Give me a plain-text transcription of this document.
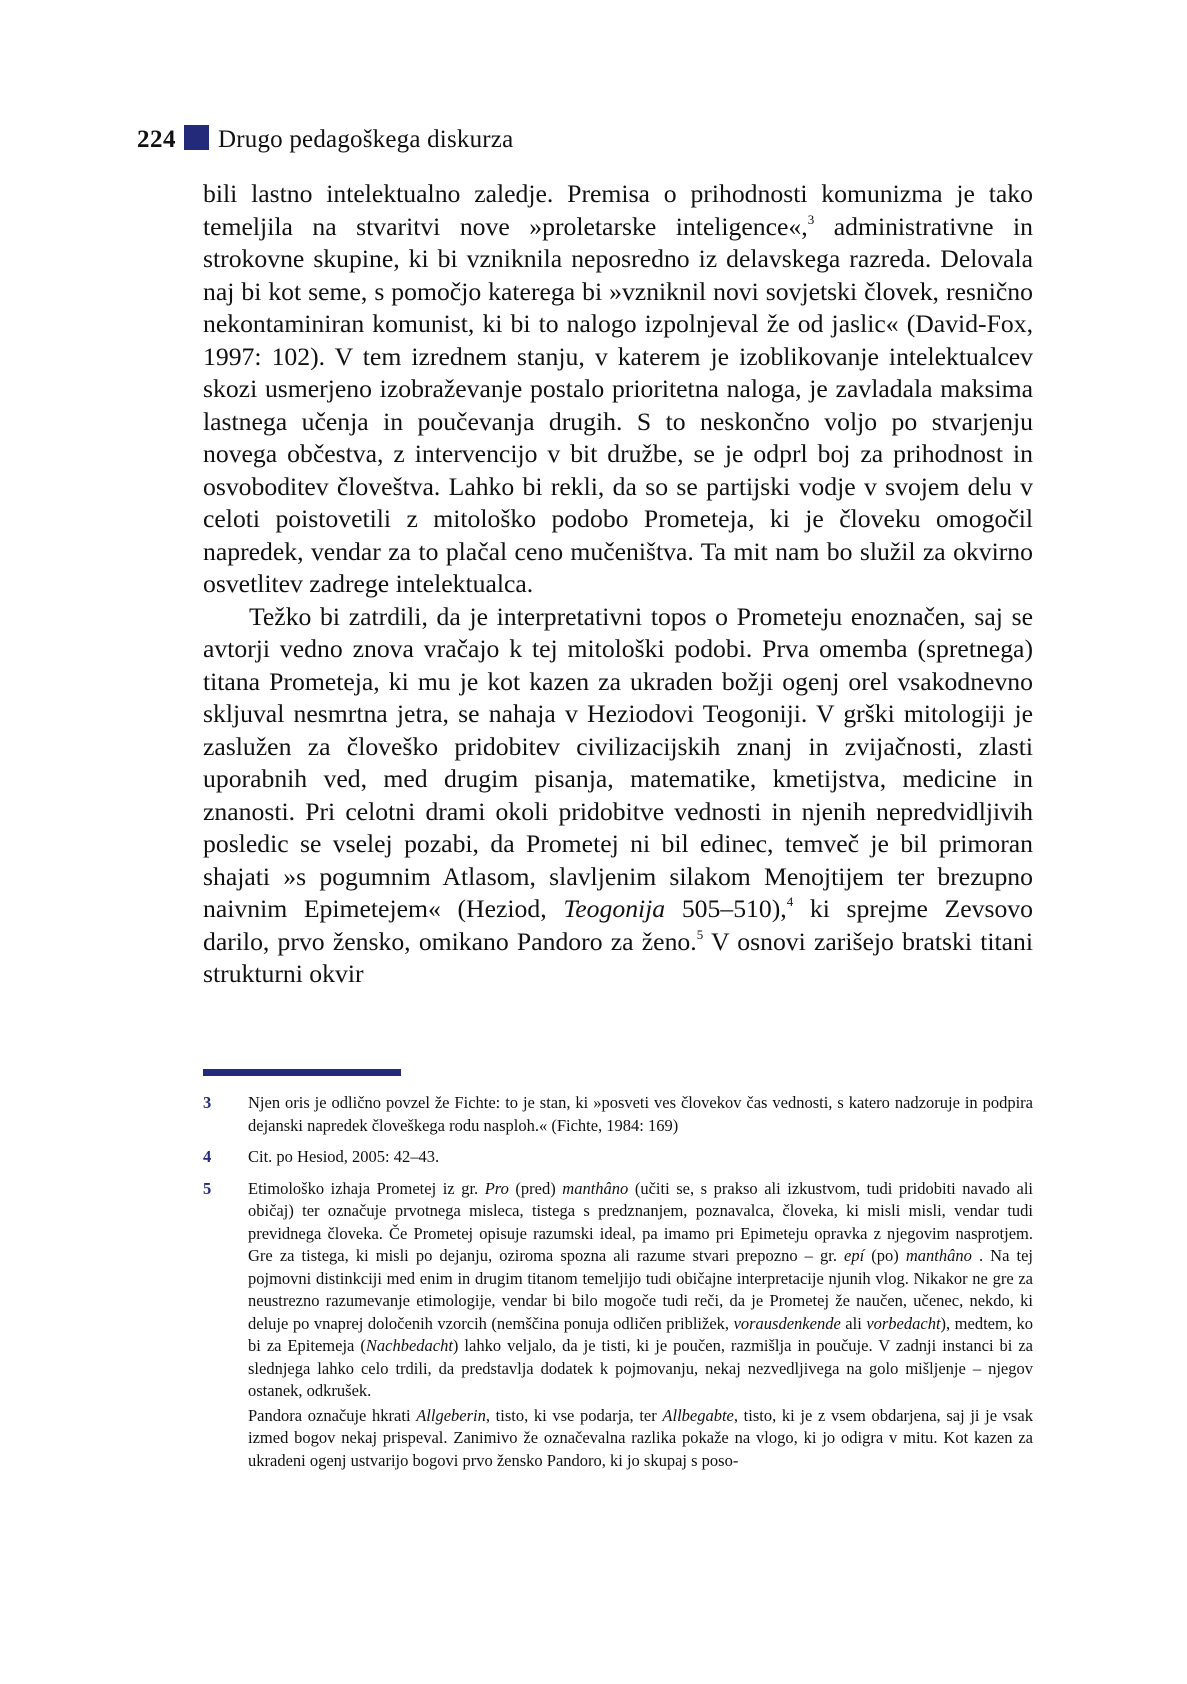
224 Drugo pedagoškega diskurza

bili lastno intelektualno zaledje. Premisa o prihodnosti komunizma je tako temeljila na stvaritvi nove »proletarske inteligence«,$^3$ administrativne in strokovne skupine, ki bi vzniknila neposredno iz delavskega razreda. Delovala naj bi kot seme, s pomočjo katerega bi »vzniknil novi sovjetski človek, resnično nekontaminiran komunist, ki bi to nalogo izpolnjeval že od jaslic« (David-Fox, 1997: 102). V tem izrednem stanju, v katerem je izoblikovanje intelektualcev skozi usmerjeno izobraževanje postalo prioritetna naloga, je zavladala maksima lastnega učenja in poučevanja drugih. S to neskončno voljo po stvarjenju novega občestva, z intervencijo v bit družbe, se je odprl boj za prihodnost in osvoboditev človeštva. Lahko bi rekli, da so se partijski vodje v svojem delu v celoti poistovetili z mitološko podobo Prometeja, ki je človeku omogočil napredek, vendar za to plačal ceno mučeništva. Ta mit nam bo služil za okvirno osvetlitev zadrege intelektualca.

Težko bi zatrdili, da je interpretativni topos o Prometeju enoznačen, saj se avtorji vedno znova vračajo k tej mitološki podobi. Prva omemba (spretnega) titana Prometeja, ki mu je kot kazen za ukraden božji ogenj orel vsakodnevno skljuval nesmrtna jetra, se nahaja v Heziodovi Teogoniji. V grški mitologiji je zaslužen za človeško pridobitev civilizacijskih znanj in zvijačnosti, zlasti uporabnih ved, med drugim pisanja, matematike, kmetijstva, medicine in znanosti. Pri celotni drami okoli pridobitve vednosti in njenih nepredvidljivih posledic se vselej pozabi, da Prometej ni bil edinec, temveč je bil primoran shajati »s pogumnim Atlasom, slavljenim silakom Menojtijem ter brezupno naivnim Epimetejem« (Heziod, Teogonija 505–510),$^4$ ki sprejme Zevsovo darilo, prvo žensko, omikano Pandoro za ženo.$^5$ V osnovi zarišejo bratski titani strukturni okvir

3	Njen oris je odlično povzel že Fichte: to je stan, ki »posveti ves človekov čas vednosti, s katero nadzoruje in podpira dejanski napredek človeškega rodu nasploh.« (Fichte, 1984: 169)
4	Cit. po Hesiod, 2005: 42–43.
5	Etimološko izhaja Prometej iz gr. Pro (pred) manthâno (učiti se, s prakso ali izkustvom, tudi pridobiti navado ali običaj) ter označuje prvotnega misleca, tistega s predznanjem, poznavalca, človeka, ki misli misli, vendar tudi previdnega človeka. Če Prometej opisuje razumski ideal, pa imamo pri Epimeteju opravka z njegovim nasprotjem. Gre za tistega, ki misli po dejanju, oziroma spozna ali razume stvari prepozno – gr. epí (po) manthâno . Na tej pojmovni distinkciji med enim in drugim titanom temeljijo tudi običajne interpretacije njunih vlog. Nikakor ne gre za neustrezno razumevanje etimologije, vendar bi bilo mogoče tudi reči, da je Prometej že naučen, učenec, nekdo, ki deluje po vnaprej določenih vzorcih (nemščina ponuja odličen približek, vorausdenkende ali vorbedacht), medtem, ko bi za Epitemeja (Nachbedacht) lahko veljalo, da je tisti, ki je poučen, razmišlja in poučuje. V zadnji instanci bi za slednjega lahko celo trdili, da predstavlja dodatek k pojmovanju, nekaj nezvedljivega na golo mišljenje – njegov ostanek, odkrušek.
Pandora označuje hkrati Allgeberin, tisto, ki vse podarja, ter Allbegabte, tisto, ki je z vsem obdarjena, saj ji je vsak izmed bogov nekaj prispeval. Zanimivo že označevalna razlika pokaže na vlogo, ki jo odigra v mitu. Kot kazen za ukradeni ogenj ustvarijo bogovi prvo žensko Pandoro, ki jo skupaj s poso-
